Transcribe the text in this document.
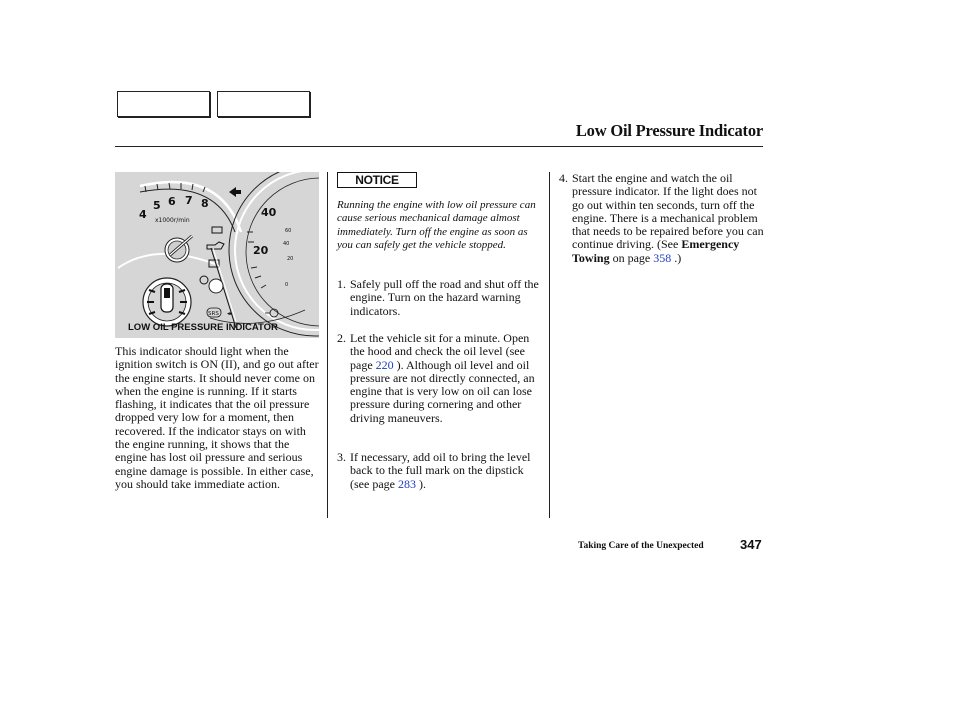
Low Oil Pressure Indicator
4
5 6 7 8
x1000r/min
40
20
60
40
20
0
SRS ◂▸
LOW OIL PRESSURE INDICATOR

This indicator should light when the ignition switch is ON (II), and go out after the engine starts. It should never come on when the engine is running. If it starts flashing, it indicates that the oil pressure dropped very low for a moment, then recovered. If the indicator stays on with the engine running, it shows that the engine has lost oil pressure and serious engine damage is possible. In either case, you should take immediate action.

NOTICE

Running the engine with low oil pressure can cause serious mechanical damage almost immediately. Turn off the engine as soon as you can safely get the vehicle stopped.

1. Safely pull off the road and shut off the engine. Turn on the hazard warning indicators.
2. Let the vehicle sit for a minute. Open the hood and check the oil level (see page 220 ). Although oil level and oil pressure are not directly connected, an engine that is very low on oil can lose pressure during cornering and other driving maneuvers.
3. If necessary, add oil to bring the level back to the full mark on the dipstick (see page 283 ).
4. Start the engine and watch the oil pressure indicator. If the light does not go out within ten seconds, turn off the engine. There is a mechanical problem that needs to be repaired before you can continue driving. (See Emergency Towing on page 358 .)
Taking Care of the Unexpected	347
